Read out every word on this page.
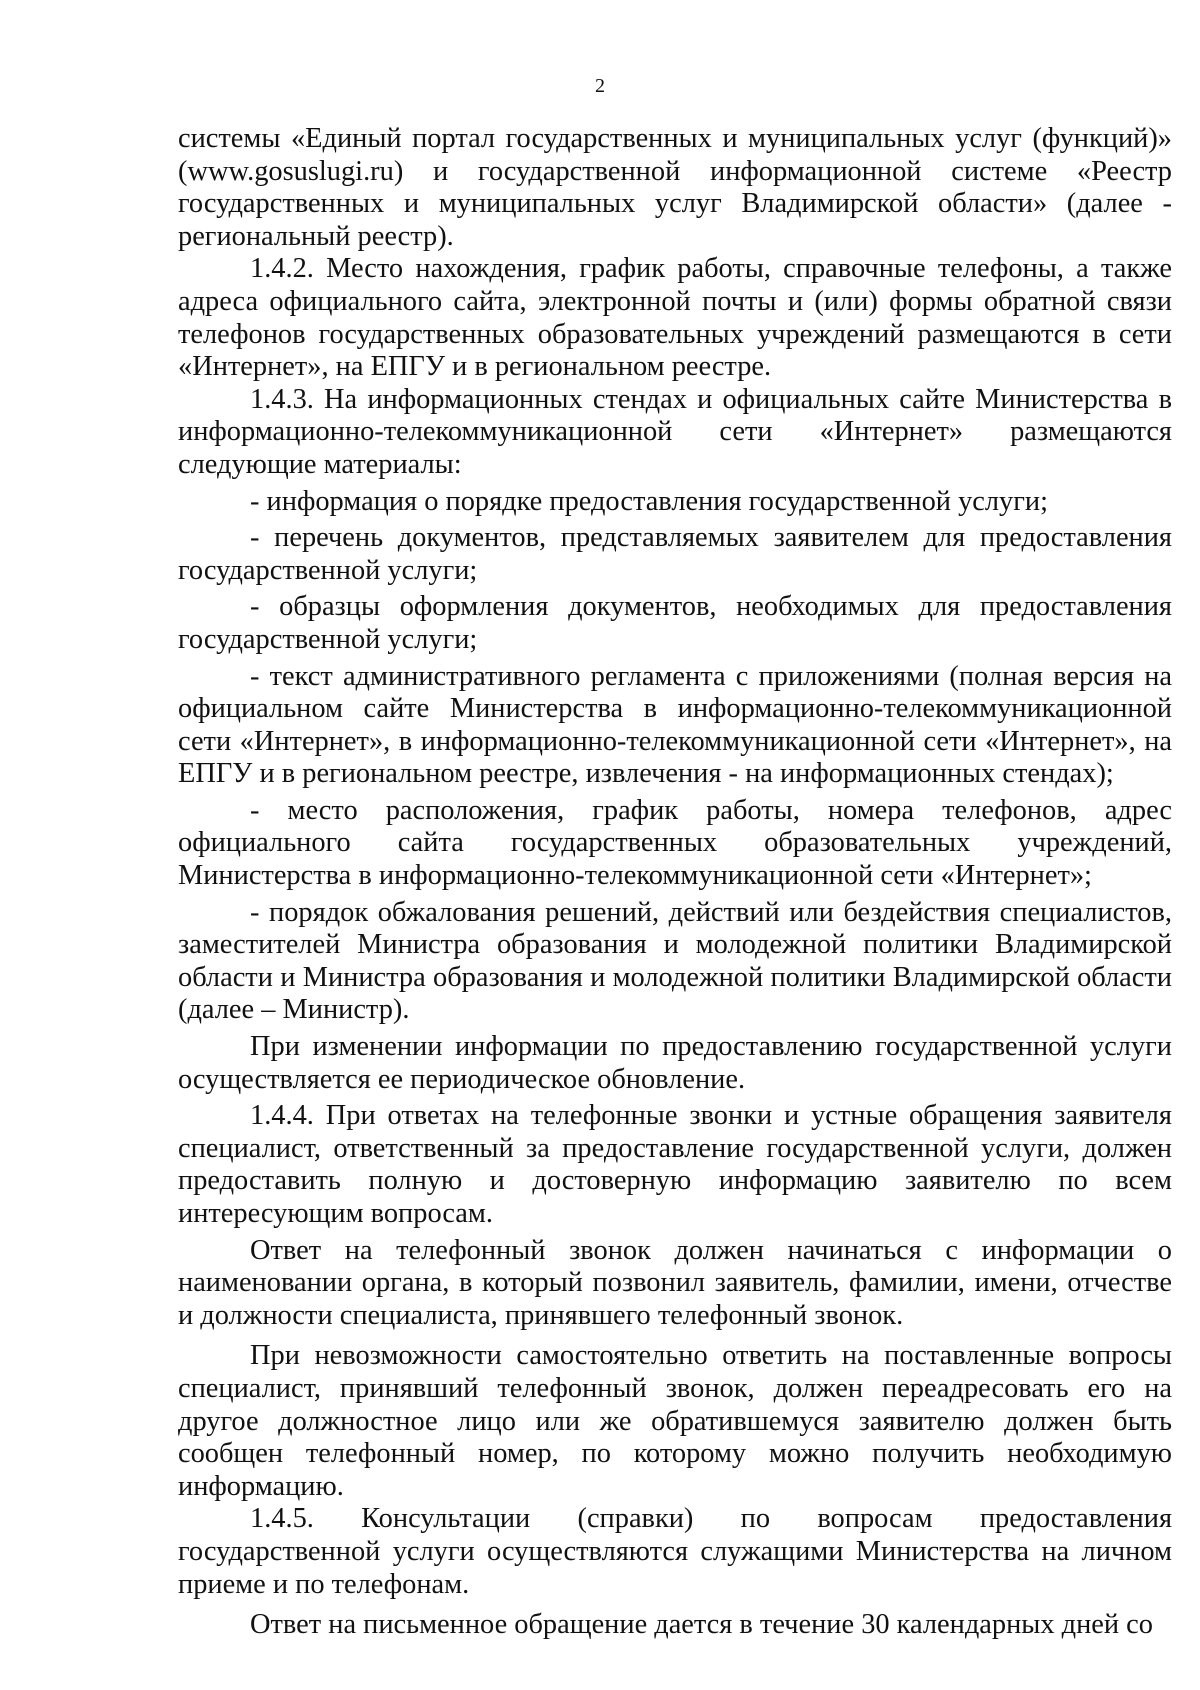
2

системы «Единый портал государственных и муниципальных услуг (функций)» (www.gosuslugi.ru) и государственной информационной системе «Реестр государственных и муниципальных услуг Владимирской области» (далее - региональный реестр).

1.4.2. Место нахождения, график работы, справочные телефоны, а также адреса официального сайта, электронной почты и (или) формы обратной связи телефонов государственных образовательных учреждений размещаются в сети «Интернет», на ЕПГУ и в региональном реестре.

1.4.3. На информационных стендах и официальных сайте Министерства в информационно-телекоммуникационной сети «Интернет» размещаются следующие материалы:

- информация о порядке предоставления государственной услуги;

- перечень документов, представляемых заявителем для предоставления государственной услуги;

- образцы оформления документов, необходимых для предоставления государственной услуги;

- текст административного регламента с приложениями (полная версия на официальном сайте Министерства в информационно-телекоммуникационной сети «Интернет», в информационно-телекоммуникационной сети «Интернет», на ЕПГУ и в региональном реестре, извлечения - на информационных стендах);

- место расположения, график работы, номера телефонов, адрес официального сайта государственных образовательных учреждений, Министерства в информационно-телекоммуникационной сети «Интернет»;

- порядок обжалования решений, действий или бездействия специалистов, заместителей Министра образования и молодежной политики Владимирской области и Министра образования и молодежной политики Владимирской области (далее – Министр).

При изменении информации по предоставлению государственной услуги осуществляется ее периодическое обновление.

1.4.4. При ответах на телефонные звонки и устные обращения заявителя специалист, ответственный за предоставление государственной услуги, должен предоставить полную и достоверную информацию заявителю по всем интересующим вопросам.

Ответ на телефонный звонок должен начинаться с информации о наименовании органа, в который позвонил заявитель, фамилии, имени, отчестве и должности специалиста, принявшего телефонный звонок.

При невозможности самостоятельно ответить на поставленные вопросы специалист, принявший телефонный звонок, должен переадресовать его на другое должностное лицо или же обратившемуся заявителю должен быть сообщен телефонный номер, по которому можно получить необходимую информацию.

1.4.5. Консультации (справки) по вопросам предоставления государственной услуги осуществляются служащими Министерства на личном приеме и по телефонам.

Ответ на письменное обращение дается в течение 30 календарных дней со
